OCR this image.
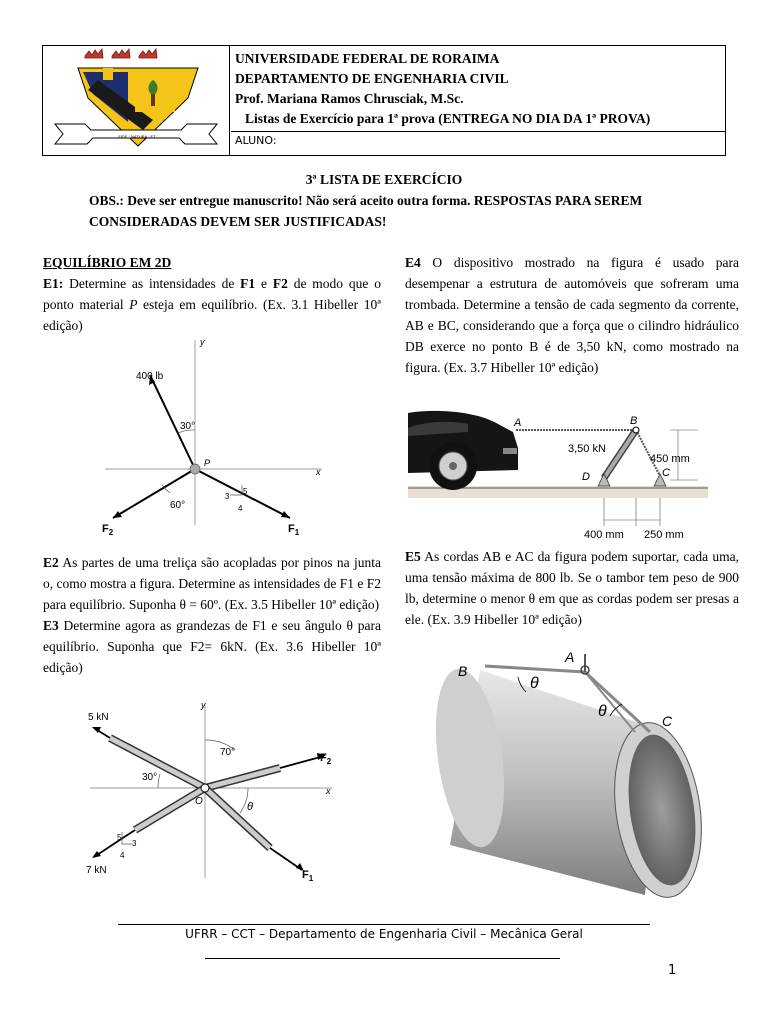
FIDE · NATURA · ET
UNIVERSIDADE FEDERAL DE RORAIMA
DEPARTAMENTO DE ENGENHARIA CIVIL
Prof. Mariana Ramos Chrusciak, M.Sc.
Listas de Exercício para 1ª prova (ENTREGA NO DIA DA 1ª PROVA)
ALUNO:
3ª LISTA DE EXERCÍCIO
OBS.: Deve ser entregue manuscrito! Não será aceito outra forma. RESPOSTAS PARA SEREM CONSIDERADAS DEVEM SER JUSTIFICADAS!
EQUILÍBRIO EM 2D
E1: Determine as intensidades de F1 e F2 de modo que o ponto material P esteja em equilíbrio. (Ex. 3.1 Hibeller 10ª edição)
y
x
400 lb
30°
P
60°
3
4
5
$F_2$	$F_1$
E2 As partes de uma treliça são acopladas por pinos na junta o, como mostra a figura. Determine as intensidades de F1 e F2 para equilíbrio. Suponha θ = 60º. (Ex. 3.5 Hibeller 10ª edição)
E3 Determine agora as grandezas de F1 e seu ângulo θ para equilíbrio. Suponha que F2= 6kN. (Ex. 3.6 Hibeller 10ª edição)
y
x
5 kN
7 kN
70°
30°
O	θ
5
3
4
$F_2$
$F_1$
E4 O dispositivo mostrado na figura é usado para desempenar a estrutura de automóveis que sofreram uma trombada. Determine a tensão de cada segmento da corrente, AB e BC, considerando que a força que o cilindro hidráulico DB exerce no ponto B é de 3,50 kN, como mostrado na figura. (Ex. 3.7 Hibeller 10ª edição)
A	B
C
D
3,50 kN
450 mm
400 mm 250 mm
E5 As cordas AB e AC da figura podem suportar, cada uma, uma tensão máxima de 800 lb. Se o tambor tem peso de 900 lb, determine o menor θ em que as cordas podem ser presas a ele. (Ex. 3.9 Hibeller 10ª edição)
B
A
C
θ
θ
UFRR – CCT – Departamento de Engenharia Civil – Mecânica Geral
1
